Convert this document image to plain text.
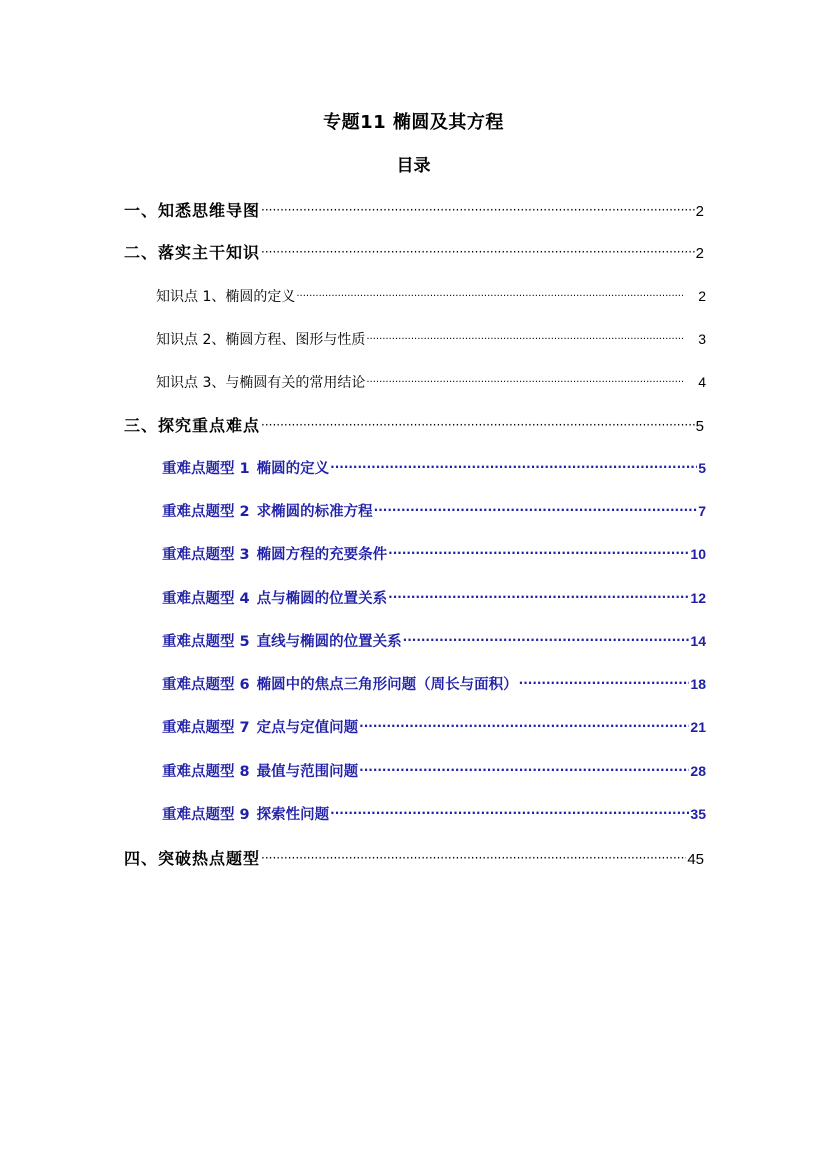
专题11 椭圆及其方程
目录
一、知悉思维导图 ·····	2
二、落实主干知识 ·····	2
知识点 1、椭圆的定义 ·····	2
知识点 2、椭圆方程、图形与性质 ·····	3
知识点 3、与椭圆有关的常用结论 ·····	4
三、探究重点难点 ·····	5
重难点题型 1 椭圆的定义 ·····	5
重难点题型 2 求椭圆的标准方程 ·····	7
重难点题型 3 椭圆方程的充要条件 ·····	10
重难点题型 4 点与椭圆的位置关系 ·····	12
重难点题型 5 直线与椭圆的位置关系 ·····	14
重难点题型 6 椭圆中的焦点三角形问题（周长与面积） ·····	18
重难点题型 7 定点与定值问题 ·····	21
重难点题型 8 最值与范围问题 ·····	28
重难点题型 9 探索性问题 ·····	35
四、突破热点题型 ·····	45
